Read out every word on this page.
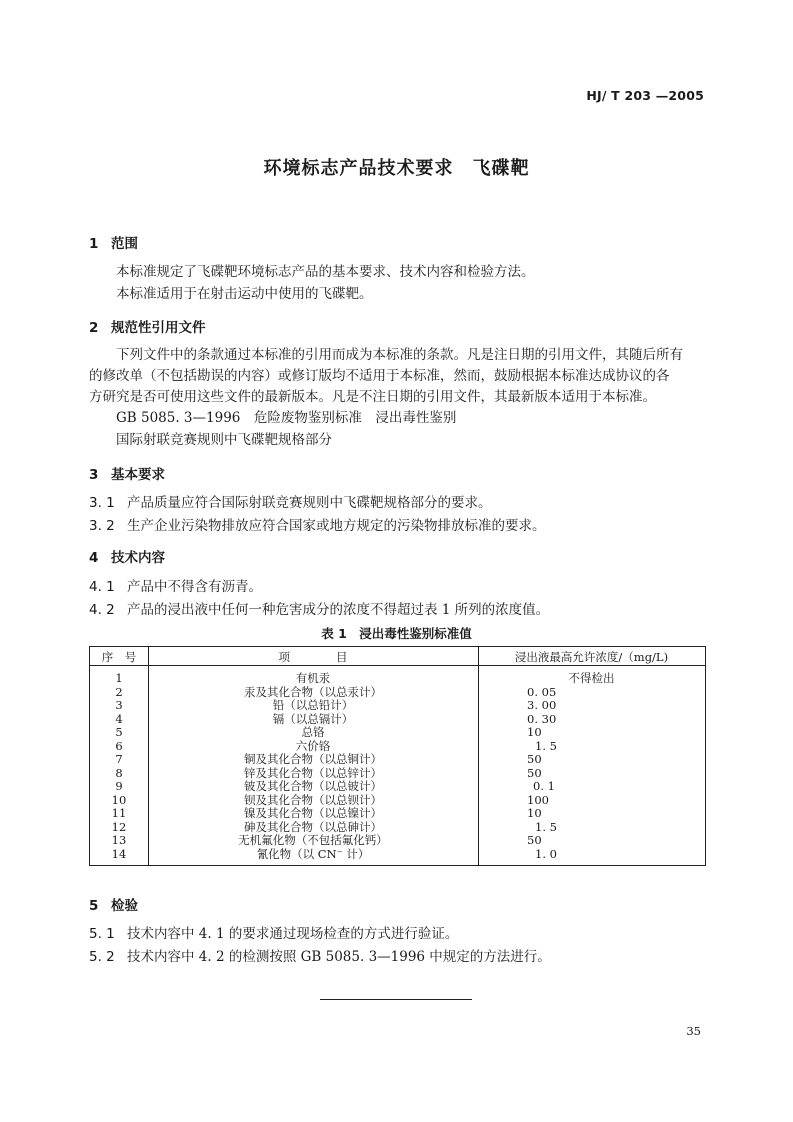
HJ/ T 203 —2005
环境标志产品技术要求　飞碟靶
1 范围
本标准规定了飞碟靶环境标志产品的基本要求、技术内容和检验方法。
本标准适用于在射击运动中使用的飞碟靶。
2 规范性引用文件
下列文件中的条款通过本标准的引用而成为本标准的条款。凡是注日期的引用文件，其随后所有
的修改单（不包括勘误的内容）或修订版均不适用于本标准，然而，鼓励根据本标准达成协议的各
方研究是否可使用这些文件的最新版本。凡是不注日期的引用文件，其最新版本适用于本标准。
GB 5085. 3—1996　危险废物鉴别标准　浸出毒性鉴别
国际射联竞赛规则中飞碟靶规格部分
3 基本要求
3. 1 产品质量应符合国际射联竞赛规则中飞碟靶规格部分的要求。
3. 2 生产企业污染物排放应符合国家或地方规定的污染物排放标准的要求。
4 技术内容
4. 1 产品中不得含有沥青。
4. 2 产品的浸出液中任何一种危害成分的浓度不得超过表 1 所列的浓度值。
表 1　浸出毒性鉴别标准值
序　号	项　　　　目	浸出液最高允许浓度/（mg/L)
1	有机汞	不得检出
2	汞及其化合物（以总汞计）	0. 05
3	铅（以总铅计）	3. 00
4	镉（以总镉计）	0. 30
5	总铬	10
6	六价铬	1. 5
7	铜及其化合物（以总铜计）	50
8	锌及其化合物（以总锌计）	50
9	铍及其化合物（以总铍计）	0. 1
10	钡及其化合物（以总钡计）	100
11	镍及其化合物（以总镍计）	10
12	砷及其化合物（以总砷计）	1. 5
13	无机氟化物（不包括氟化钙）	50
14	氰化物（以 CN⁻ 计）	1. 0
5 检验
5. 1 技术内容中 4. 1 的要求通过现场检查的方式进行验证。
5. 2 技术内容中 4. 2 的检测按照 GB 5085. 3—1996 中规定的方法进行。
35
